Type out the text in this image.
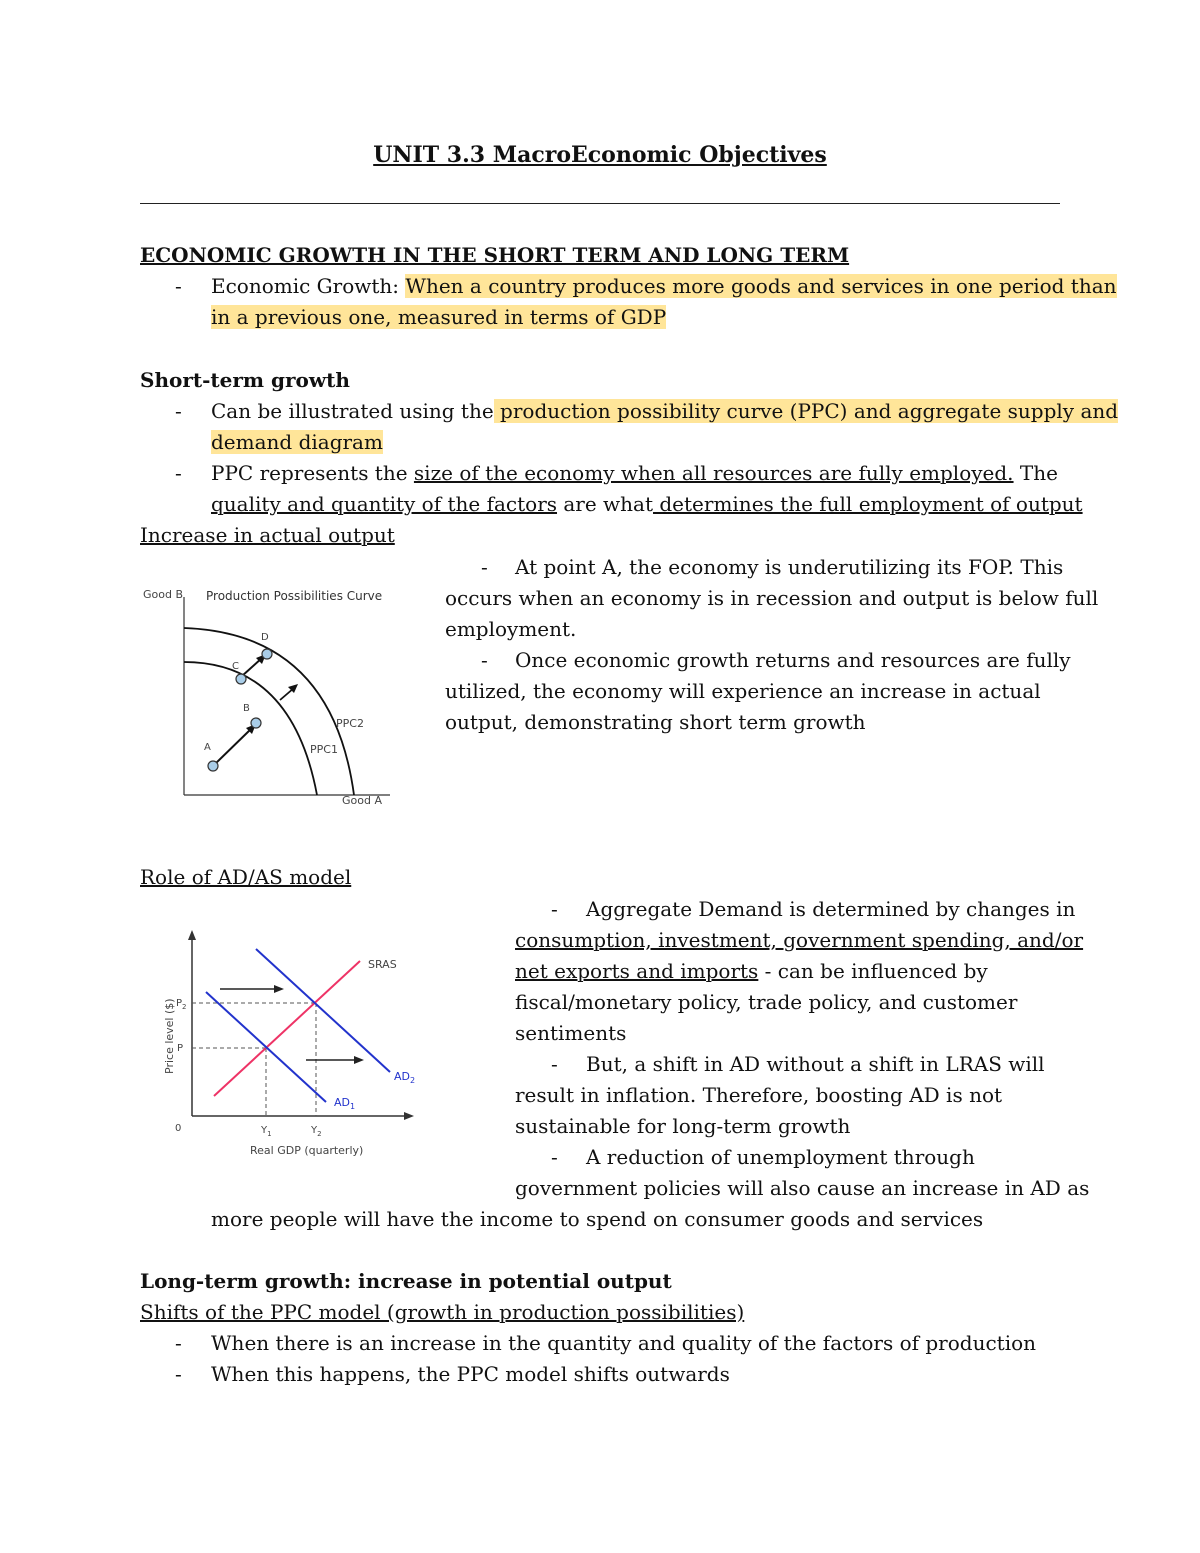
UNIT 3.3 MacroEconomic Objectives
ECONOMIC GROWTH IN THE SHORT TERM AND LONG TERM
- Economic Growth: When a country produces more goods and services in one period than
in a previous one, measured in terms of GDP
Short-term growth
- Can be illustrated using the production possibility curve (PPC) and aggregate supply and
demand diagram
- PPC represents the size of the economy when all resources are fully employed. The
quality and quantity of the factors are what determines the full employment of output
Increase in actual output
Good B Production Possibilities Curve
Good A
PPC1
PPC2
A
B
C
D
- At point A, the economy is underutilizing its FOP. This
occurs when an economy is in recession and output is below full
employment.
- Once economic growth returns and resources are fully
utilized, the economy will experience an increase in actual
output, demonstrating short term growth
Role of AD/AS model
Price level ($)
Real GDP (quarterly)
0
SRAS
$AD_1$
$AD_2$
$P_2$
P
$Y_1$	$Y_2$
- Aggregate Demand is determined by changes in
consumption, investment, government spending, and/or
net exports and imports - can be influenced by
fiscal/monetary policy, trade policy, and customer
sentiments
- But, a shift in AD without a shift in LRAS will
result in inflation. Therefore, boosting AD is not
sustainable for long-term growth
- A reduction of unemployment through
government policies will also cause an increase in AD as
more people will have the income to spend on consumer goods and services
Long-term growth: increase in potential output
Shifts of the PPC model (growth in production possibilities)
- When there is an increase in the quantity and quality of the factors of production
- When this happens, the PPC model shifts outwards
